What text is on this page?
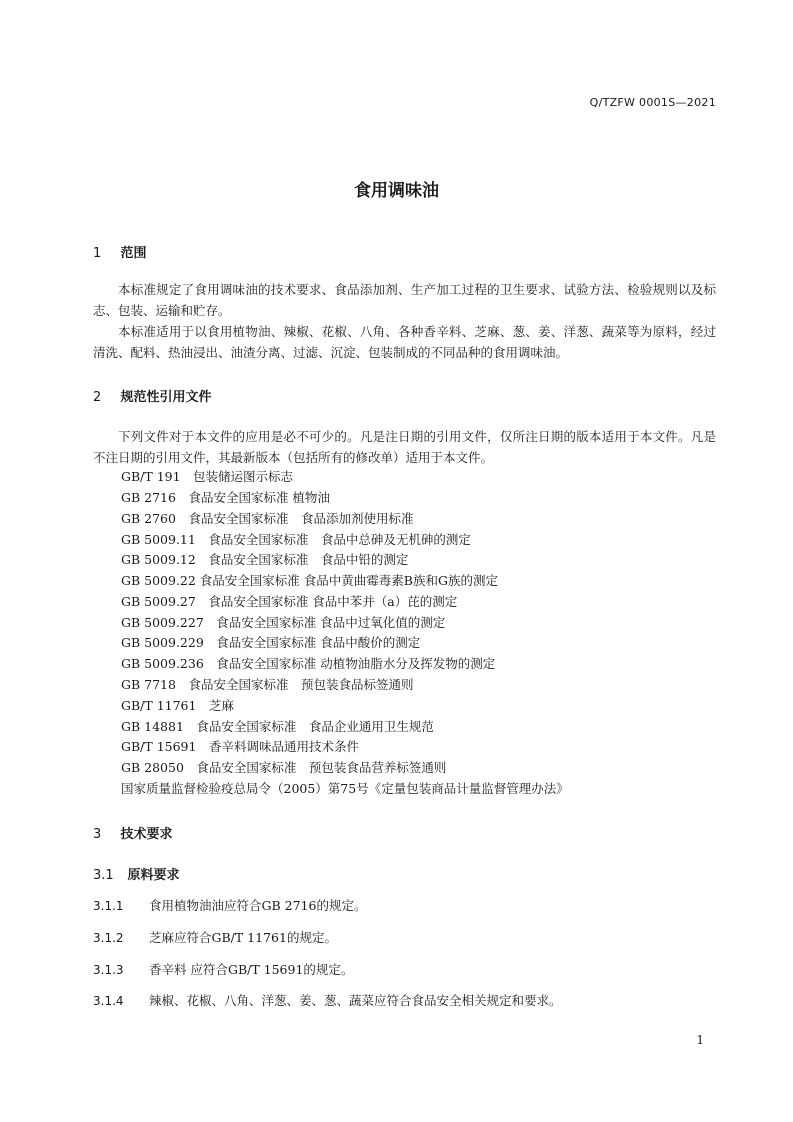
Q/TZFW 0001S—2021
食用调味油
1 范围
本标准规定了食用调味油的技术要求、食品添加剂、生产加工过程的卫生要求、试验方法、检验规则以及标志、包装、运输和贮存。
本标准适用于以食用植物油、辣椒、花椒、八角、各种香辛料、芝麻、葱、姜、洋葱、蔬菜等为原料，经过清洗、配料、热油浸出、油渣分离、过滤、沉淀、包装制成的不同品种的食用调味油。
2 规范性引用文件
下列文件对于本文件的应用是必不可少的。凡是注日期的引用文件，仅所注日期的版本适用于本文件。凡是不注日期的引用文件，其最新版本（包括所有的修改单）适用于本文件。
GB/T 191　包装储运图示标志
GB 2716　食品安全国家标准 植物油
GB 2760　食品安全国家标准　食品添加剂使用标准
GB 5009.11　食品安全国家标准　食品中总砷及无机砷的测定
GB 5009.12　食品安全国家标准　食品中铅的测定
GB 5009.22 食品安全国家标准 食品中黄曲霉毒素B族和G族的测定
GB 5009.27　食品安全国家标准 食品中苯并（a）芘的测定
GB 5009.227　食品安全国家标准 食品中过氧化值的测定
GB 5009.229　食品安全国家标准 食品中酸价的测定
GB 5009.236　食品安全国家标准 动植物油脂水分及挥发物的测定
GB 7718　食品安全国家标准　预包装食品标签通则
GB/T 11761　芝麻
GB 14881　食品安全国家标准　食品企业通用卫生规范
GB/T 15691　香辛料调味品通用技术条件
GB 28050　食品安全国家标准　预包装食品营养标签通则
国家质量监督检验疫总局令（2005）第75号《定量包装商品计量监督管理办法》
3 技术要求
3.1 原料要求
3.1.1 食用植物油油应符合GB 2716的规定。
3.1.2 芝麻应符合GB/T 11761的规定。
3.1.3 香辛料 应符合GB/T 15691的规定。
3.1.4 辣椒、花椒、八角、洋葱、姜、葱、蔬菜应符合食品安全相关规定和要求。
1
